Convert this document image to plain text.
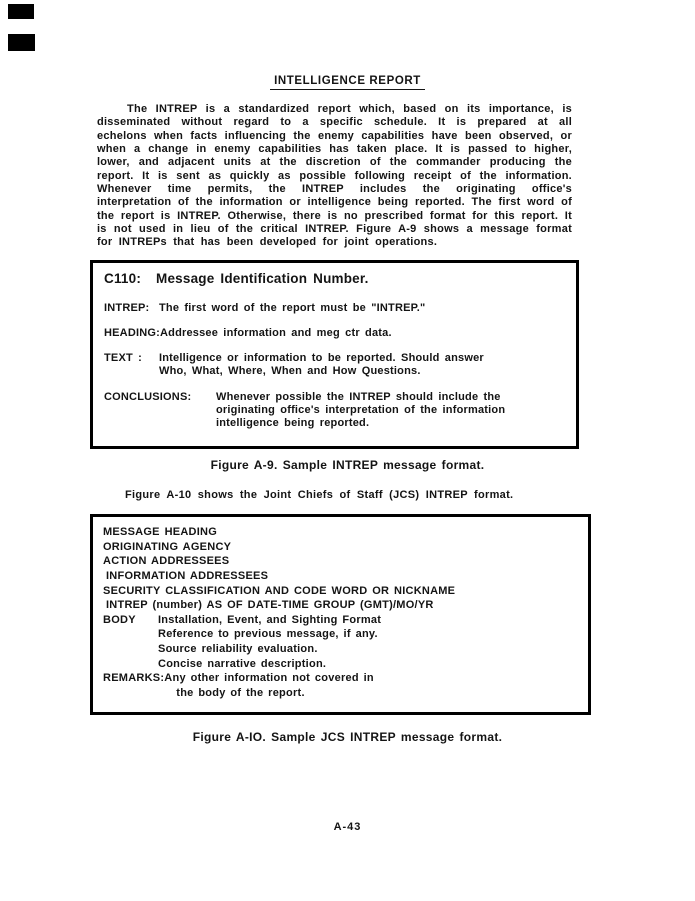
INTELLIGENCE REPORT

The INTREP is a standardized report which, based on its importance, is disseminated without regard to a specific schedule. It is prepared at all echelons when facts influencing the enemy capabilities have been observed, or when a change in enemy capabilities has taken place. It is passed to higher, lower, and adjacent units at the discretion of the commander producing the report. It is sent as quickly as possible following receipt of the information. Whenever time permits, the INTREP includes the originating office's interpretation of the information or intelligence being reported. The first word of the report is INTREP. Otherwise, there is no prescribed format for this report. It is not used in lieu of the critical INTREP. Figure A-9 shows a message format for INTREPs that has been developed for joint operations.

C110:	Message Identification Number.
INTREP: The first word of the report must be "INTREP."
HEADING: Addressee information and meg ctr data.
TEXT :	Intelligence or information to be reported. Should answer Who, What, Where, When and How Questions.
CONCLUSIONS:	Whenever possible the INTREP should include the originating office's interpretation of the information intelligence being reported.
Figure A-9. Sample INTREP message format.

Figure A-10 shows the Joint Chiefs of Staff (JCS) INTREP format.

MESSAGE HEADING
ORIGINATING AGENCY
ACTION ADDRESSEES
INFORMATION ADDRESSEES
SECURITY CLASSIFICATION AND CODE WORD OR NICKNAME
INTREP (number) AS OF DATE-TIME GROUP (GMT)/MO/YR
BODY	Installation, Event, and Sighting Format
Reference to previous message, if any.
Source reliability evaluation.
Concise narrative description.
REMARKS: Any other information not covered in
the body of the report.
Figure A-IO. Sample JCS INTREP message format.
A-43
